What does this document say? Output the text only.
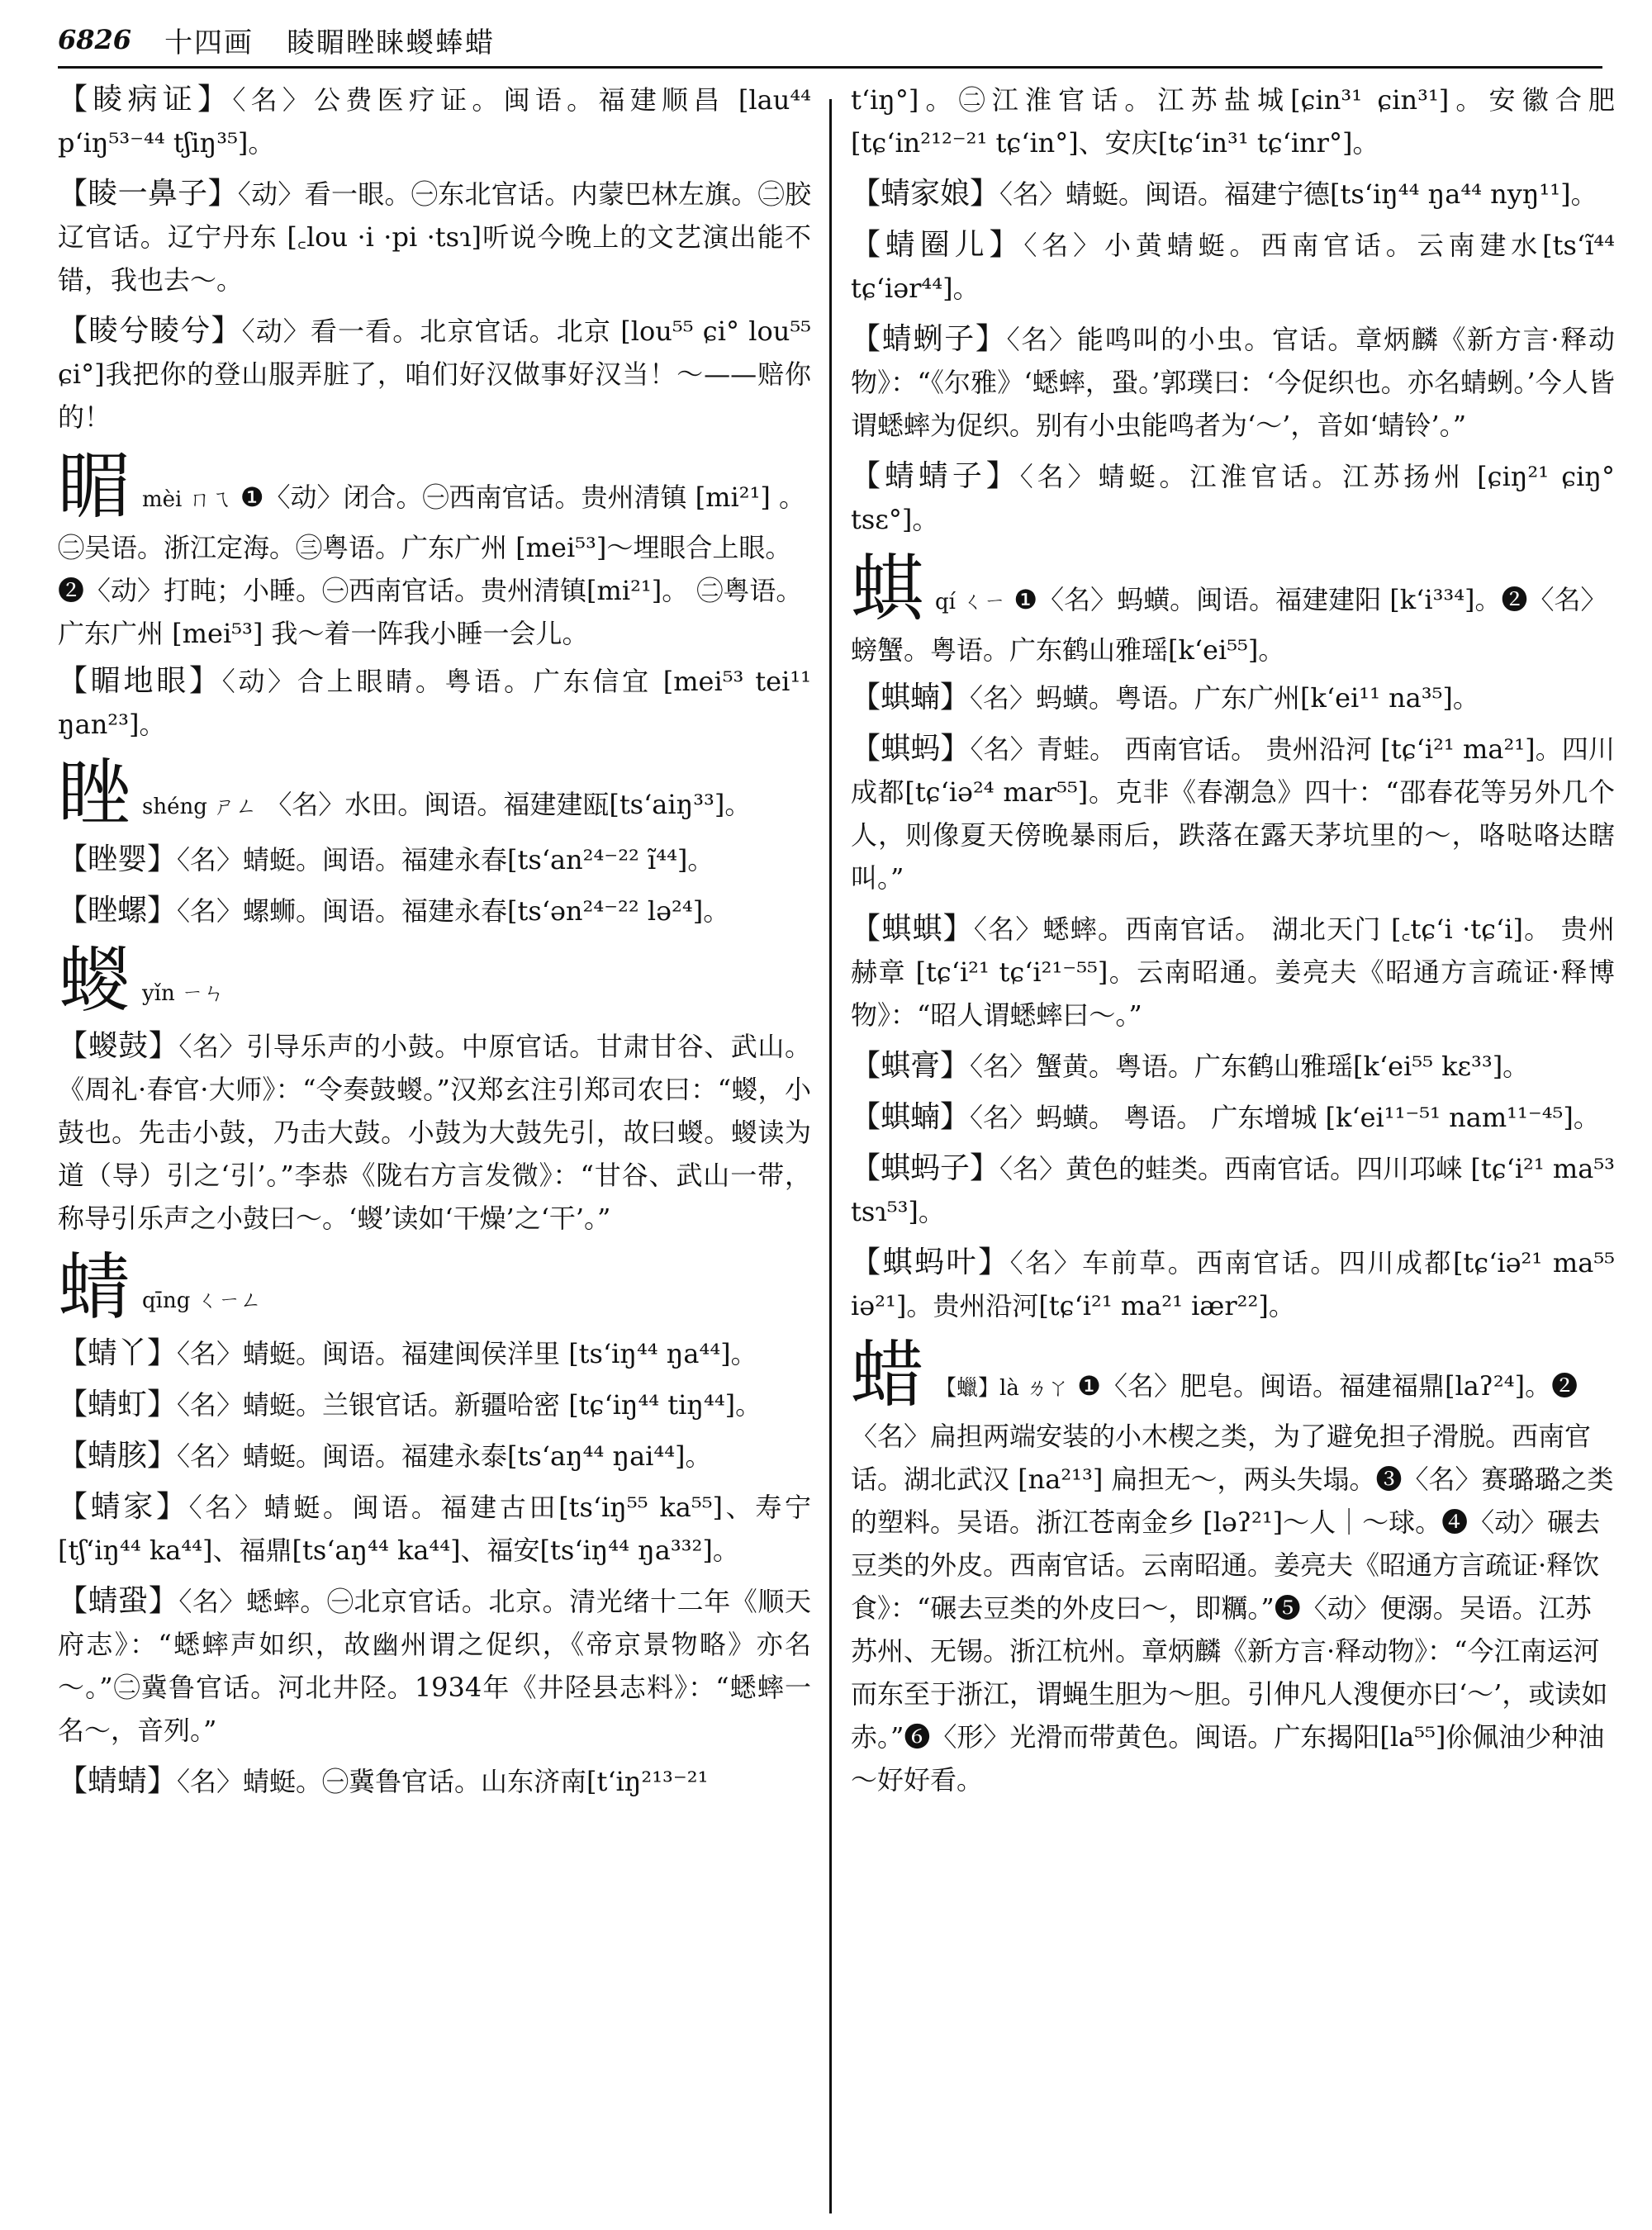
6826 十四画 睖睸睉睐蝬蜯蜡
【睖病证】〈名〉公费医疗证。闽语。福建顺昌 [lau⁴⁴ pʻiŋ⁵³⁻⁴⁴ tʃiŋ³⁵]。
【睖一鼻子】〈动〉看一眼。㊀东北官话。内蒙巴林左旗。㊁胶辽官话。辽宁丹东 [꜀lou ·i ·pi ·tsɿ]听说今晚上的文艺演出能不错，我也去～。
【睖兮睖兮】〈动〉看一看。北京官话。北京 [lou⁵⁵ ɕi° lou⁵⁵ ɕi°]我把你的登山服弄脏了，咱们好汉做事好汉当！～——赔你的！
睸mèi ㄇㄟ ❶〈动〉闭合。㊀西南官话。贵州清镇 [mi²¹] 。㊁吴语。浙江定海。㊂粤语。广东广州 [mei⁵³]～埋眼合上眼。❷〈动〉打盹；小睡。㊀西南官话。贵州清镇[mi²¹]。 ㊁粤语。 广东广州 [mei⁵³] 我～着一阵我小睡一会儿。
【睸地眼】〈动〉合上眼睛。粤语。广东信宜 [mei⁵³ tei¹¹ ŋan²³]。
睉shéng ㄕㄥ 〈名〉水田。闽语。福建建瓯[tsʻaiŋ³³]。
【睉婴】〈名〉蜻蜓。闽语。福建永春[tsʻan²⁴⁻²² ĩ⁴⁴]。
【睉螺】〈名〉螺蛳。闽语。福建永春[tsʻən²⁴⁻²² lə²⁴]。
蝬yǐn ㄧㄣ
【蝬鼓】〈名〉引导乐声的小鼓。中原官话。甘肃甘谷、武山。《周礼·春官·大师》：“令奏鼓蝬。”汉郑玄注引郑司农曰：“蝬，小鼓也。先击小鼓，乃击大鼓。小鼓为大鼓先引，故曰蝬。蝬读为道（导）引之‘引’。”李恭《陇右方言发微》：“甘谷、武山一带，称导引乐声之小鼓曰～。‘蝬’读如‘干燥’之‘干’。”
蜻qīng ㄑㄧㄥ
【蜻丫】〈名〉蜻蜓。闽语。福建闽侯洋里 [tsʻiŋ⁴⁴ ŋa⁴⁴]。
【蜻虰】〈名〉蜻蜓。兰银官话。新疆哈密 [tɕʻiŋ⁴⁴ tiŋ⁴⁴]。
【蜻胲】〈名〉蜻蜓。闽语。福建永泰[tsʻaŋ⁴⁴ ŋai⁴⁴]。
【蜻家】〈名〉蜻蜓。闽语。福建古田[tsʻiŋ⁵⁵ ka⁵⁵]、寿宁[tʃʻiŋ⁴⁴ ka⁴⁴]、福鼎[tsʻaŋ⁴⁴ ka⁴⁴]、福安[tsʻiŋ⁴⁴ ŋa³³²]。
【蜻蛩】〈名〉蟋蟀。㊀北京官话。北京。清光绪十二年《顺天府志》：“蟋蟀声如织，故幽州谓之促织，《帝京景物略》亦名～。”㊁冀鲁官话。河北井陉。1934年《井陉县志料》：“蟋蟀一名～，音列。”
【蜻蜻】〈名〉蜻蜓。㊀冀鲁官话。山东济南[tʻiŋ²¹³⁻²¹
tʻiŋ°]。㊁江淮官话。江苏盐城[ɕin³¹ ɕin³¹]。安徽合肥[tɕʻin²¹²⁻²¹ tɕʻin°]、安庆[tɕʻin³¹ tɕʻinr°]。
【蜻家娘】〈名〉蜻蜓。闽语。福建宁德[tsʻiŋ⁴⁴ ŋa⁴⁴ nyŋ¹¹]。
【蜻圈儿】〈名〉小黄蜻蜓。西南官话。云南建水[tsʻĩ⁴⁴ tɕʻiər⁴⁴]。
【蜻蛚子】〈名〉能鸣叫的小虫。官话。章炳麟《新方言·释动物》：“《尔雅》‘蟋蟀，蛩。’郭璞曰：‘今促织也。亦名蜻蛚。’今人皆谓蟋蟀为促织。别有小虫能鸣者为‘～’，音如‘蜻铃’。”
【蜻蜻子】〈名〉蜻蜓。江淮官话。江苏扬州 [ɕiŋ²¹ ɕiŋ° tsɛ°]。
蜞qí ㄑㄧ ❶〈名〉蚂蟥。闽语。福建建阳 [kʻi³³⁴]。❷〈名〉螃蟹。粤语。广东鹤山雅瑶[kʻei⁵⁵]。
【蜞蝻】〈名〉蚂蟥。粤语。广东广州[kʻei¹¹ na³⁵]。
【蜞蚂】〈名〉青蛙。 西南官话。 贵州沿河 [tɕʻi²¹ ma²¹]。四川成都[tɕʻiə²⁴ mar⁵⁵]。克非《春潮急》四十：“邵春花等另外几个人，则像夏天傍晚暴雨后，跌落在露天茅坑里的～，咯哒咯达瞎叫。”
【蜞蜞】〈名〉蟋蟀。西南官话。 湖北天门 [꜀tɕʻi ·tɕʻi]。 贵州赫章 [tɕʻi²¹ tɕʻi²¹⁻⁵⁵]。云南昭通。姜亮夫《昭通方言疏证·释博物》：“昭人谓蟋蟀曰～。”
【蜞膏】〈名〉蟹黄。粤语。广东鹤山雅瑶[kʻei⁵⁵ kɛ³³]。
【蜞蝻】〈名〉蚂蟥。 粤语。 广东增城 [kʻei¹¹⁻⁵¹ nam¹¹⁻⁴⁵]。
【蜞蚂子】〈名〉黄色的蛙类。西南官话。四川邛崃 [tɕʻi²¹ ma⁵³ tsɿ⁵³]。
【蜞蚂叶】〈名〉车前草。西南官话。四川成都[tɕʻiə²¹ ma⁵⁵ iə²¹]。贵州沿河[tɕʻi²¹ ma²¹ iær²²]。
蜡 【蠟】là ㄌㄚ ❶〈名〉肥皂。闽语。福建福鼎[laʔ²⁴]。❷〈名〉扁担两端安装的小木楔之类，为了避免担子滑脱。西南官话。湖北武汉 [na²¹³] 扁担无～，两头失塌。❸〈名〉赛璐璐之类的塑料。吴语。浙江苍南金乡 [ləʔ²¹]～人｜～球。❹〈动〉碾去豆类的外皮。西南官话。云南昭通。姜亮夫《昭通方言疏证·释饮食》：“碾去豆类的外皮曰～，即糲。”❺〈动〉便溺。吴语。江苏苏州、无锡。浙江杭州。章炳麟《新方言·释动物》：“今江南运河而东至于浙江，谓蝇生胆为～胆。引伸凡人溲便亦曰‘～’，或读如赤。”❻〈形〉光滑而带黄色。闽语。广东揭阳[la⁵⁵]伱佩油少种油～好好看。
